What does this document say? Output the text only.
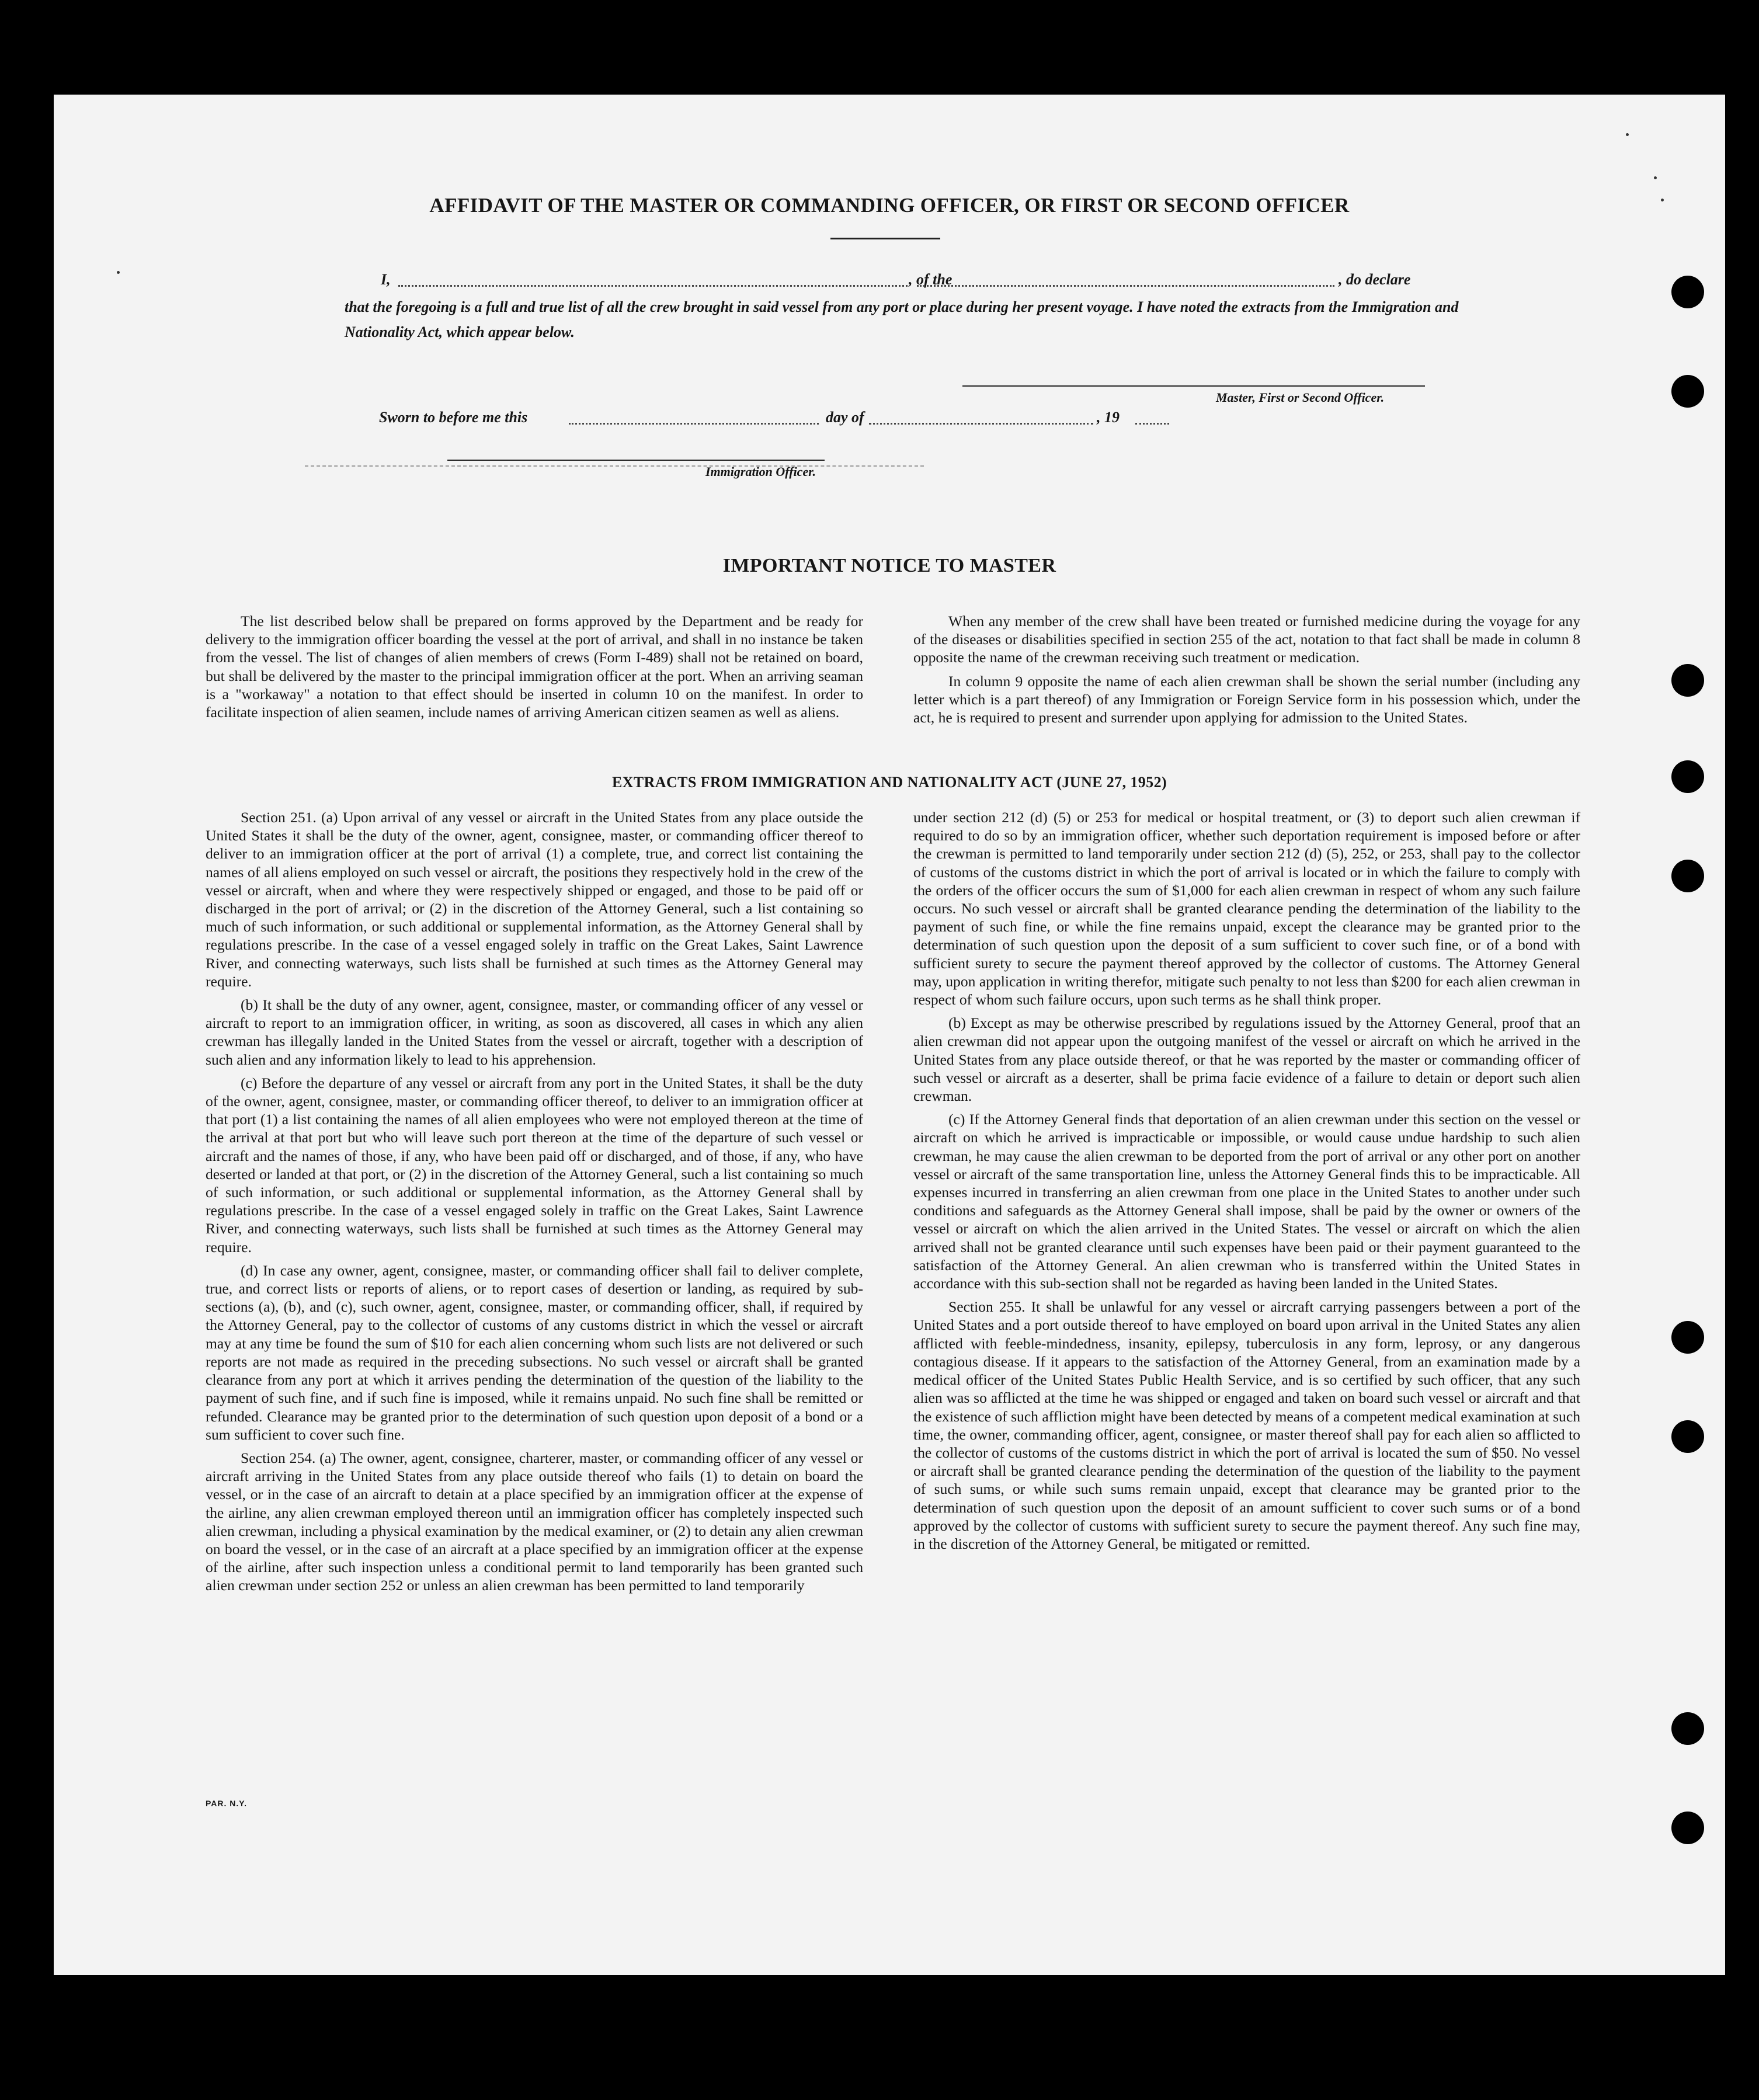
AFFIDAVIT OF THE MASTER OR COMMANDING OFFICER, OR FIRST OR SECOND OFFICER
I,	, of the	, do declare
that the foregoing is a full and true list of all the crew brought in said vessel from any port or place during her present voyage. I have noted the extracts from the Immigration and Nationality Act, which appear below.
Master, First or Second Officer.
Sworn to before me this	day of	, 19
Immigration Officer.
IMPORTANT NOTICE TO MASTER

The list described below shall be prepared on forms approved by the Department and be ready for delivery to the immigration officer boarding the vessel at the port of arrival, and shall in no instance be taken from the vessel. The list of changes of alien members of crews (Form I-489) shall not be retained on board, but shall be delivered by the master to the principal immigration officer at the port. When an arriving seaman is a "workaway" a notation to that effect should be inserted in column 10 on the manifest. In order to facilitate inspection of alien seamen, include names of arriving American citizen seamen as well as aliens.

When any member of the crew shall have been treated or furnished medicine during the voyage for any of the diseases or disabilities specified in section 255 of the act, notation to that fact shall be made in column 8 opposite the name of the crewman receiving such treatment or medication.

In column 9 opposite the name of each alien crewman shall be shown the serial number (including any letter which is a part thereof) of any Immigration or Foreign Service form in his possession which, under the act, he is required to present and surrender upon applying for admission to the United States.

EXTRACTS FROM IMMIGRATION AND NATIONALITY ACT (JUNE 27, 1952)

Section 251. (a) Upon arrival of any vessel or aircraft in the United States from any place outside the United States it shall be the duty of the owner, agent, consignee, master, or commanding officer thereof to deliver to an immigration officer at the port of arrival (1) a complete, true, and correct list containing the names of all aliens employed on such vessel or aircraft, the positions they respectively hold in the crew of the vessel or aircraft, when and where they were respectively shipped or engaged, and those to be paid off or discharged in the port of arrival; or (2) in the discretion of the Attorney General, such a list containing so much of such information, or such additional or supplemental information, as the Attorney General shall by regulations prescribe. In the case of a vessel engaged solely in traffic on the Great Lakes, Saint Lawrence River, and connecting waterways, such lists shall be furnished at such times as the Attorney General may require.

(b) It shall be the duty of any owner, agent, consignee, master, or commanding officer of any vessel or aircraft to report to an immigration officer, in writing, as soon as discovered, all cases in which any alien crewman has illegally landed in the United States from the vessel or aircraft, together with a description of such alien and any information likely to lead to his apprehension.

(c) Before the departure of any vessel or aircraft from any port in the United States, it shall be the duty of the owner, agent, consignee, master, or commanding officer thereof, to deliver to an immigration officer at that port (1) a list containing the names of all alien employees who were not employed thereon at the time of the arrival at that port but who will leave such port thereon at the time of the departure of such vessel or aircraft and the names of those, if any, who have been paid off or discharged, and of those, if any, who have deserted or landed at that port, or (2) in the discretion of the Attorney General, such a list containing so much of such information, or such additional or supplemental information, as the Attorney General shall by regulations prescribe. In the case of a vessel engaged solely in traffic on the Great Lakes, Saint Lawrence River, and connecting waterways, such lists shall be furnished at such times as the Attorney General may require.

(d) In case any owner, agent, consignee, master, or commanding officer shall fail to deliver complete, true, and correct lists or reports of aliens, or to report cases of desertion or landing, as required by sub-sections (a), (b), and (c), such owner, agent, consignee, master, or commanding officer, shall, if required by the Attorney General, pay to the collector of customs of any customs district in which the vessel or aircraft may at any time be found the sum of $10 for each alien concerning whom such lists are not delivered or such reports are not made as required in the preceding subsections. No such vessel or aircraft shall be granted clearance from any port at which it arrives pending the determination of the question of the liability to the payment of such fine, and if such fine is imposed, while it remains unpaid. No such fine shall be remitted or refunded. Clearance may be granted prior to the determination of such question upon deposit of a bond or a sum sufficient to cover such fine.

Section 254. (a) The owner, agent, consignee, charterer, master, or commanding officer of any vessel or aircraft arriving in the United States from any place outside thereof who fails (1) to detain on board the vessel, or in the case of an aircraft to detain at a place specified by an immigration officer at the expense of the airline, any alien crewman employed thereon until an immigration officer has completely inspected such alien crewman, including a physical examination by the medical examiner, or (2) to detain any alien crewman on board the vessel, or in the case of an aircraft at a place specified by an immigration officer at the expense of the airline, after such inspection unless a conditional permit to land temporarily has been granted such alien crewman under section 252 or unless an alien crewman has been permitted to land temporarily

under section 212 (d) (5) or 253 for medical or hospital treatment, or (3) to deport such alien crewman if required to do so by an immigration officer, whether such deportation requirement is imposed before or after the crewman is permitted to land temporarily under section 212 (d) (5), 252, or 253, shall pay to the collector of customs of the customs district in which the port of arrival is located or in which the failure to comply with the orders of the officer occurs the sum of $1,000 for each alien crewman in respect of whom any such failure occurs. No such vessel or aircraft shall be granted clearance pending the determination of the liability to the payment of such fine, or while the fine remains unpaid, except the clearance may be granted prior to the determination of such question upon the deposit of a sum sufficient to cover such fine, or of a bond with sufficient surety to secure the payment thereof approved by the collector of customs. The Attorney General may, upon application in writing therefor, mitigate such penalty to not less than $200 for each alien crewman in respect of whom such failure occurs, upon such terms as he shall think proper.

(b) Except as may be otherwise prescribed by regulations issued by the Attorney General, proof that an alien crewman did not appear upon the outgoing manifest of the vessel or aircraft on which he arrived in the United States from any place outside thereof, or that he was reported by the master or commanding officer of such vessel or aircraft as a deserter, shall be prima facie evidence of a failure to detain or deport such alien crewman.

(c) If the Attorney General finds that deportation of an alien crewman under this section on the vessel or aircraft on which he arrived is impracticable or impossible, or would cause undue hardship to such alien crewman, he may cause the alien crewman to be deported from the port of arrival or any other port on another vessel or aircraft of the same transportation line, unless the Attorney General finds this to be impracticable. All expenses incurred in transferring an alien crewman from one place in the United States to another under such conditions and safeguards as the Attorney General shall impose, shall be paid by the owner or owners of the vessel or aircraft on which the alien arrived in the United States. The vessel or aircraft on which the alien arrived shall not be granted clearance until such expenses have been paid or their payment guaranteed to the satisfaction of the Attorney General. An alien crewman who is transferred within the United States in accordance with this sub-section shall not be regarded as having been landed in the United States.

Section 255. It shall be unlawful for any vessel or aircraft carrying passengers between a port of the United States and a port outside thereof to have employed on board upon arrival in the United States any alien afflicted with feeble-mindedness, insanity, epilepsy, tuberculosis in any form, leprosy, or any dangerous contagious disease. If it appears to the satisfaction of the Attorney General, from an examination made by a medical officer of the United States Public Health Service, and is so certified by such officer, that any such alien was so afflicted at the time he was shipped or engaged and taken on board such vessel or aircraft and that the existence of such affliction might have been detected by means of a competent medical examination at such time, the owner, commanding officer, agent, consignee, or master thereof shall pay for each alien so afflicted to the collector of customs of the customs district in which the port of arrival is located the sum of $50. No vessel or aircraft shall be granted clearance pending the determination of the question of the liability to the payment of such sums, or while such sums remain unpaid, except that clearance may be granted prior to the determination of such question upon the deposit of an amount sufficient to cover such sums or of a bond approved by the collector of customs with sufficient surety to secure the payment thereof. Any such fine may, in the discretion of the Attorney General, be mitigated or remitted.

PAR. N.Y.
